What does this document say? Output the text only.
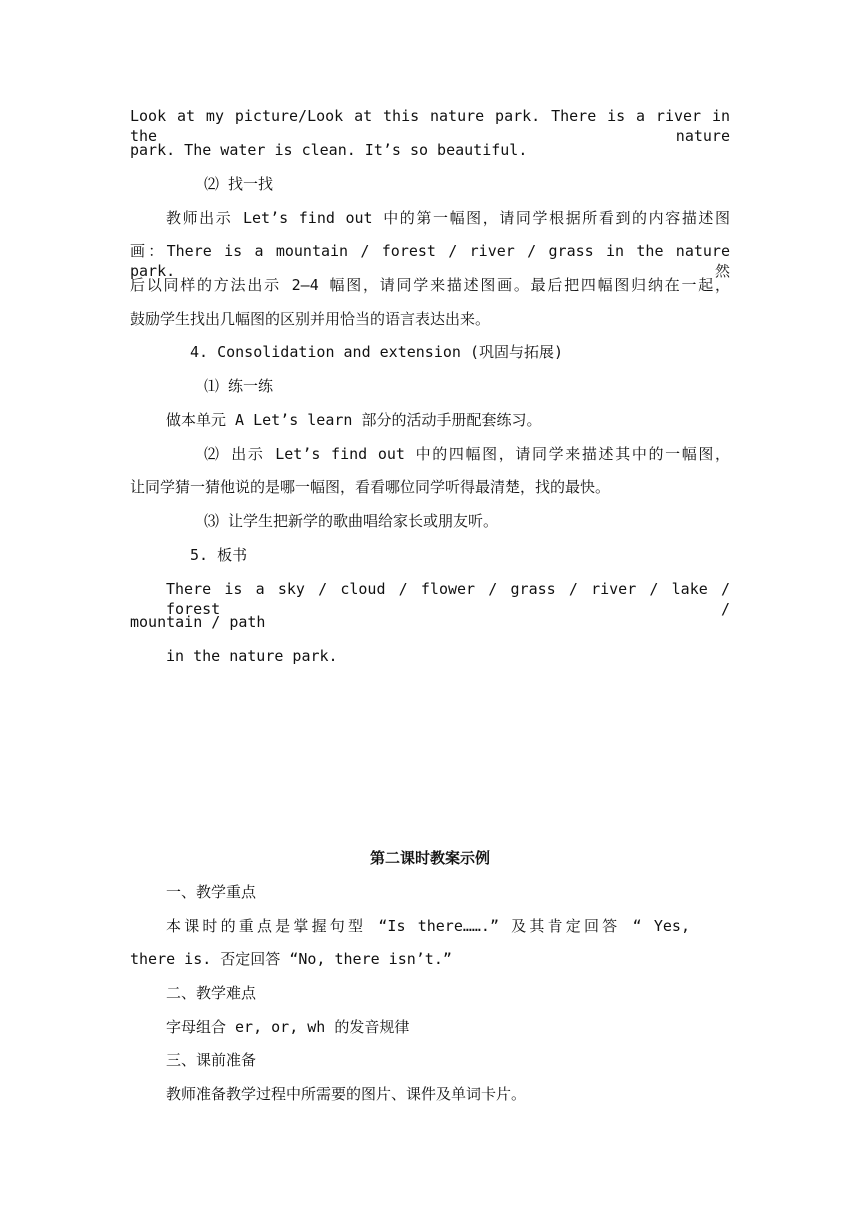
Look at my picture/Look at this nature park. There is a river in the nature
park. The water is clean. It’s so beautiful.
⑵ 找一找
教师出示 Let’s find out 中的第一幅图，请同学根据所看到的内容描述图
画：There is a mountain / forest / river / grass in the nature park. 然
后以同样的方法出示 2—4 幅图，请同学来描述图画。最后把四幅图归纳在一起，
鼓励学生找出几幅图的区别并用恰当的语言表达出来。
4. Consolidation and extension (巩固与拓展)
⑴ 练一练
做本单元 A Let’s learn 部分的活动手册配套练习。
⑵ 出示 Let’s find out 中的四幅图，请同学来描述其中的一幅图，
让同学猜一猜他说的是哪一幅图，看看哪位同学听得最清楚，找的最快。
⑶ 让学生把新学的歌曲唱给家长或朋友听。
5. 板书
There is a sky / cloud / flower / grass / river / lake / forest /
mountain / path
in the nature park.
第二课时教案示例
一、教学重点
本课时的重点是掌握句型 “Is there…….” 及其肯定回答 “ Yes,
there is. 否定回答 “No, there isn’t.”
二、教学难点
字母组合 er, or, wh 的发音规律
三、课前准备
教师准备教学过程中所需要的图片、课件及单词卡片。
